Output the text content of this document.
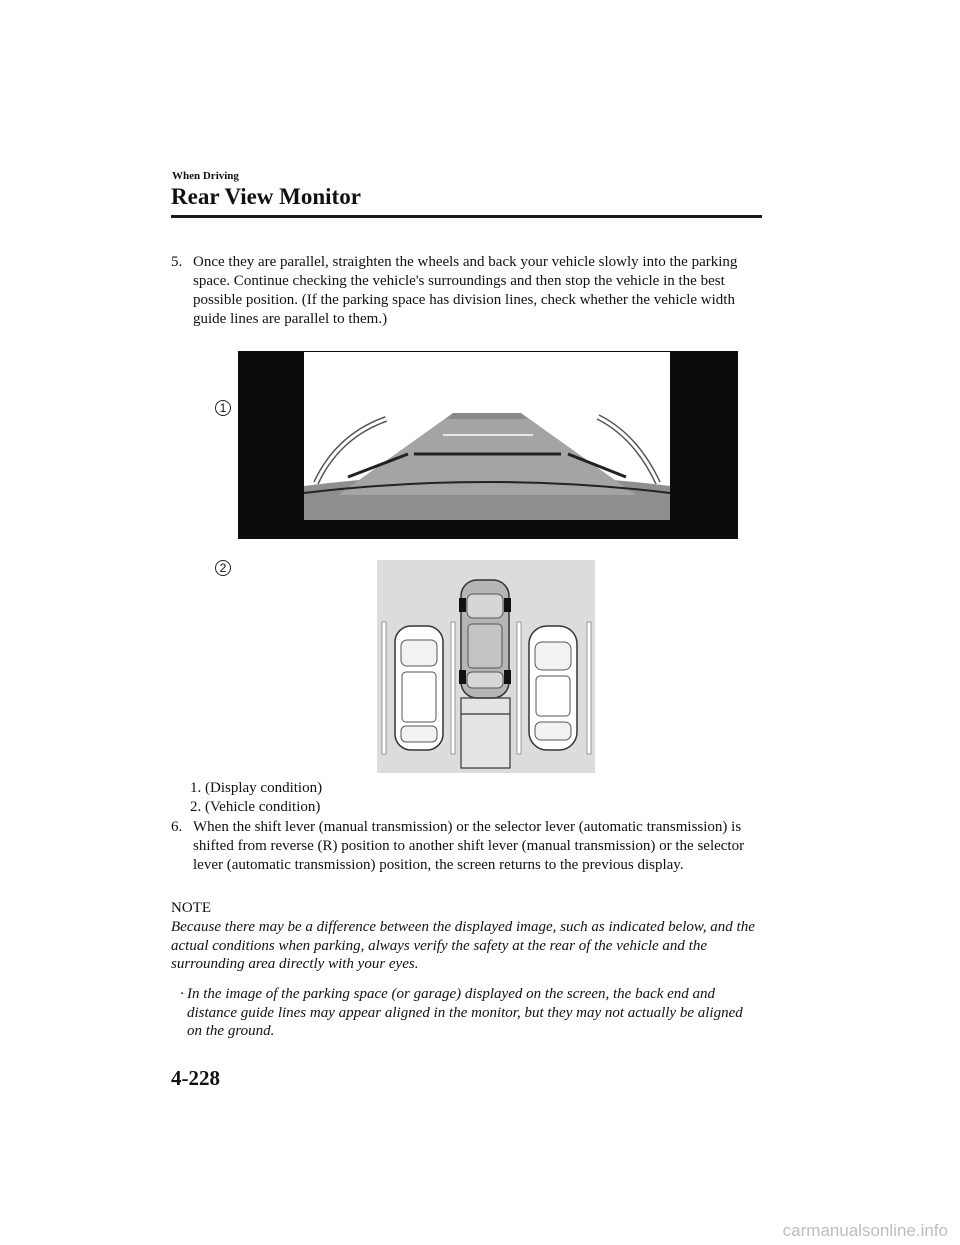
When Driving
Rear View Monitor
5. Once they are parallel, straighten the wheels and back your vehicle slowly into the parking space. Continue checking the vehicle's surroundings and then stop the vehicle in the best possible position. (If the parking space has division lines, check whether the vehicle width guide lines are parallel to them.)
1
2
1. (Display condition)
2. (Vehicle condition)
6. When the shift lever (manual transmission) or the selector lever (automatic transmission) is shifted from reverse (R) position to another shift lever (manual transmission) or the selector lever (automatic transmission) position, the screen returns to the previous display.
NOTE
Because there may be a difference between the displayed image, such as indicated below, and the actual conditions when parking, always verify the safety at the rear of the vehicle and the surrounding area directly with your eyes.
· In the image of the parking space (or garage) displayed on the screen, the back end and distance guide lines may appear aligned in the monitor, but they may not actually be aligned on the ground.
4-228
carmanualsonline.info
